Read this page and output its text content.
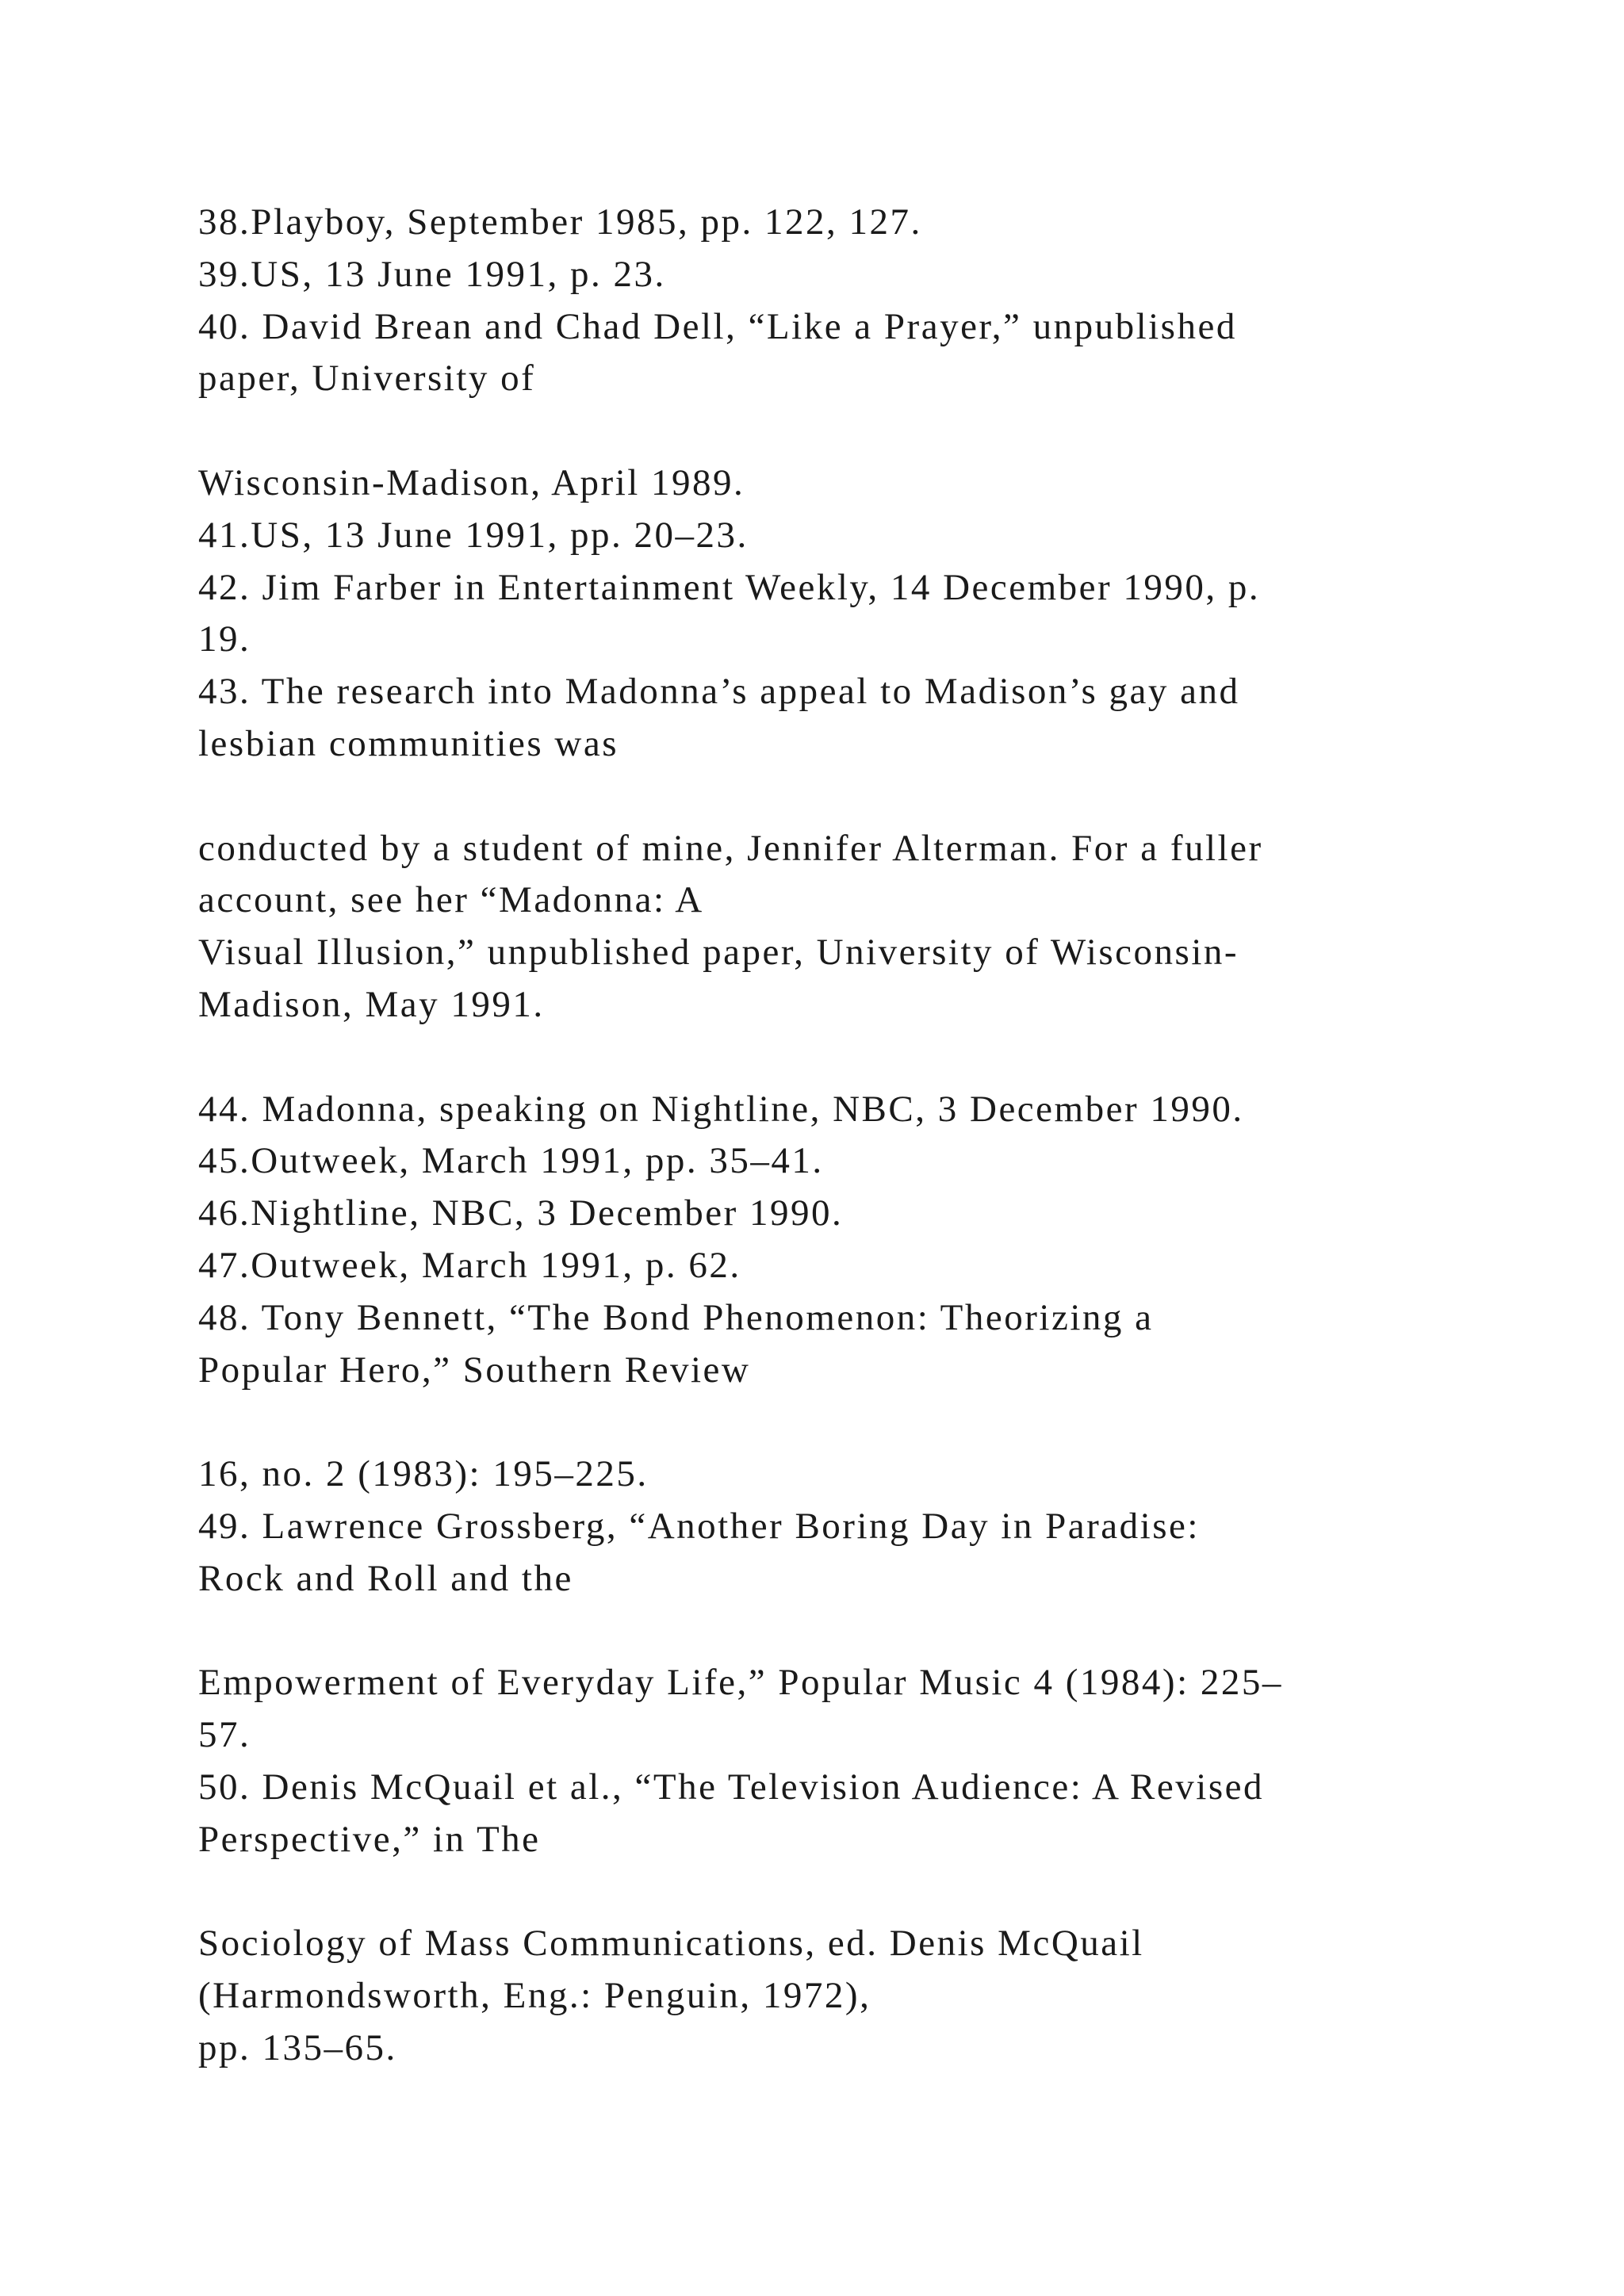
38.Playboy, September 1985, pp. 122, 127.
39.US, 13 June 1991, p. 23.
40. David Brean and Chad Dell, “Like a Prayer,” unpublished
paper, University of
Wisconsin-Madison, April 1989.
41.US, 13 June 1991, pp. 20–23.
42. Jim Farber in Entertainment Weekly, 14 December 1990, p.
19.
43. The research into Madonna’s appeal to Madison’s gay and
lesbian communities was
conducted by a student of mine, Jennifer Alterman. For a fuller
account, see her “Madonna: A
Visual Illusion,” unpublished paper, University of Wisconsin-
Madison, May 1991.
44. Madonna, speaking on Nightline, NBC, 3 December 1990.
45.Outweek, March 1991, pp. 35–41.
46.Nightline, NBC, 3 December 1990.
47.Outweek, March 1991, p. 62.
48. Tony Bennett, “The Bond Phenomenon: Theorizing a
Popular Hero,” Southern Review
16, no. 2 (1983): 195–225.
49. Lawrence Grossberg, “Another Boring Day in Paradise:
Rock and Roll and the
Empowerment of Everyday Life,” Popular Music 4 (1984): 225–
57.
50. Denis McQuail et al., “The Television Audience: A Revised
Perspective,” in The
Sociology of Mass Communications, ed. Denis McQuail
(Harmondsworth, Eng.: Penguin, 1972),
pp. 135–65.
